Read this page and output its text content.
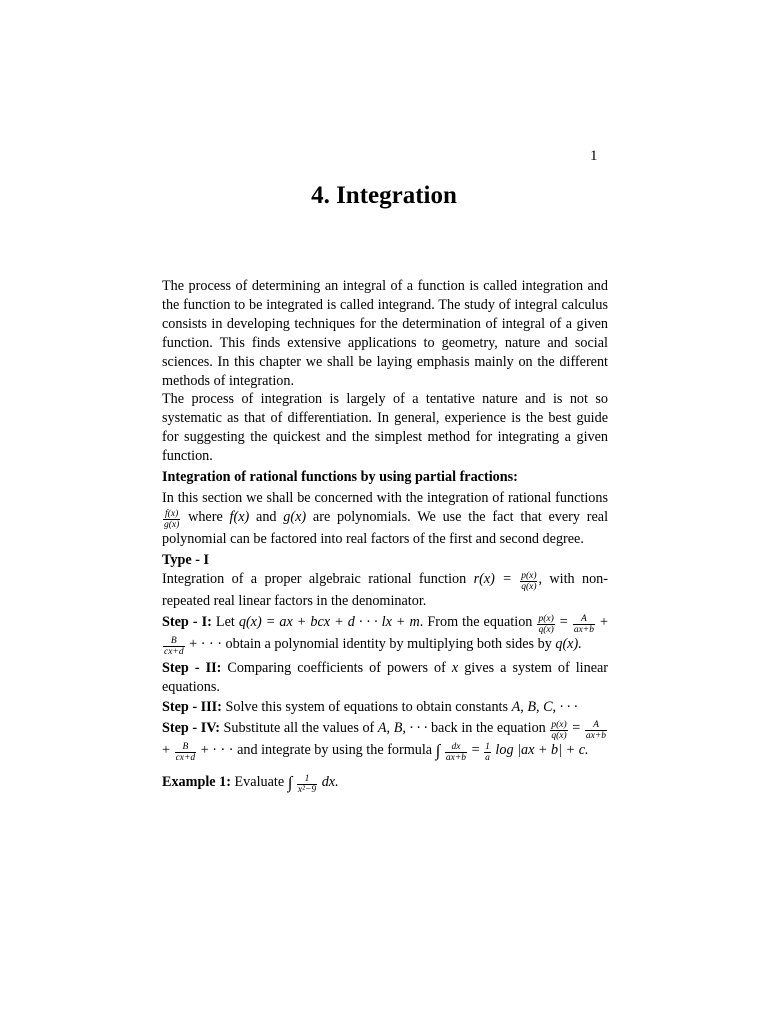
1
4. Integration

The process of determining an integral of a function is called integration and the function to be integrated is called integrand. The study of integral calculus consists in developing techniques for the determination of integral of a given function. This finds extensive applications to geometry, nature and social sciences. In this chapter we shall be laying emphasis mainly on the different methods of integration.

The process of integration is largely of a tentative nature and is not so systematic as that of differentiation. In general, experience is the best guide for suggesting the quickest and the simplest method for integrating a given function.

Integration of rational functions by using partial fractions:

In this section we shall be concerned with the integration of rational functions
$\frac{f(x)}{g(x)}$ where f(x) and g(x) are polynomials. We use the fact that every real polynomial can be factored into real factors of the first and second degree.

Type - I

Integration of a proper algebraic rational function $r(x) = \frac{p(x)}{q(x)}$ , with non-repeated real linear factors in the denominator.

Step - I: Let q(x) = ax + bcx + d · · · lx + m. From the equation $\frac{p(x)}{q(x)} = \frac{A}{ax+b}$ +
$\frac{B}{cx+d}$ + · · · obtain a polynomial identity by multiplying both sides by q(x).

Step - II: Comparing coefficients of powers of x gives a system of linear equations.

Step - III: Solve this system of equations to obtain constants A, B, C, · · ·

Step - IV: Substitute all the values of A, B, · · · back in the equation $\frac{p(x)}{q(x)} = \frac{A}{ax+b}$
+ $\frac{B}{cx+d}$ + · · · and integrate by using the formula ∫ $\frac{dx}{ax+b} = \frac{1}{a}$ log |ax + b| + c.

Example 1: Evaluate ∫ $\frac{1}{\text{x²−9}}$ dx.
